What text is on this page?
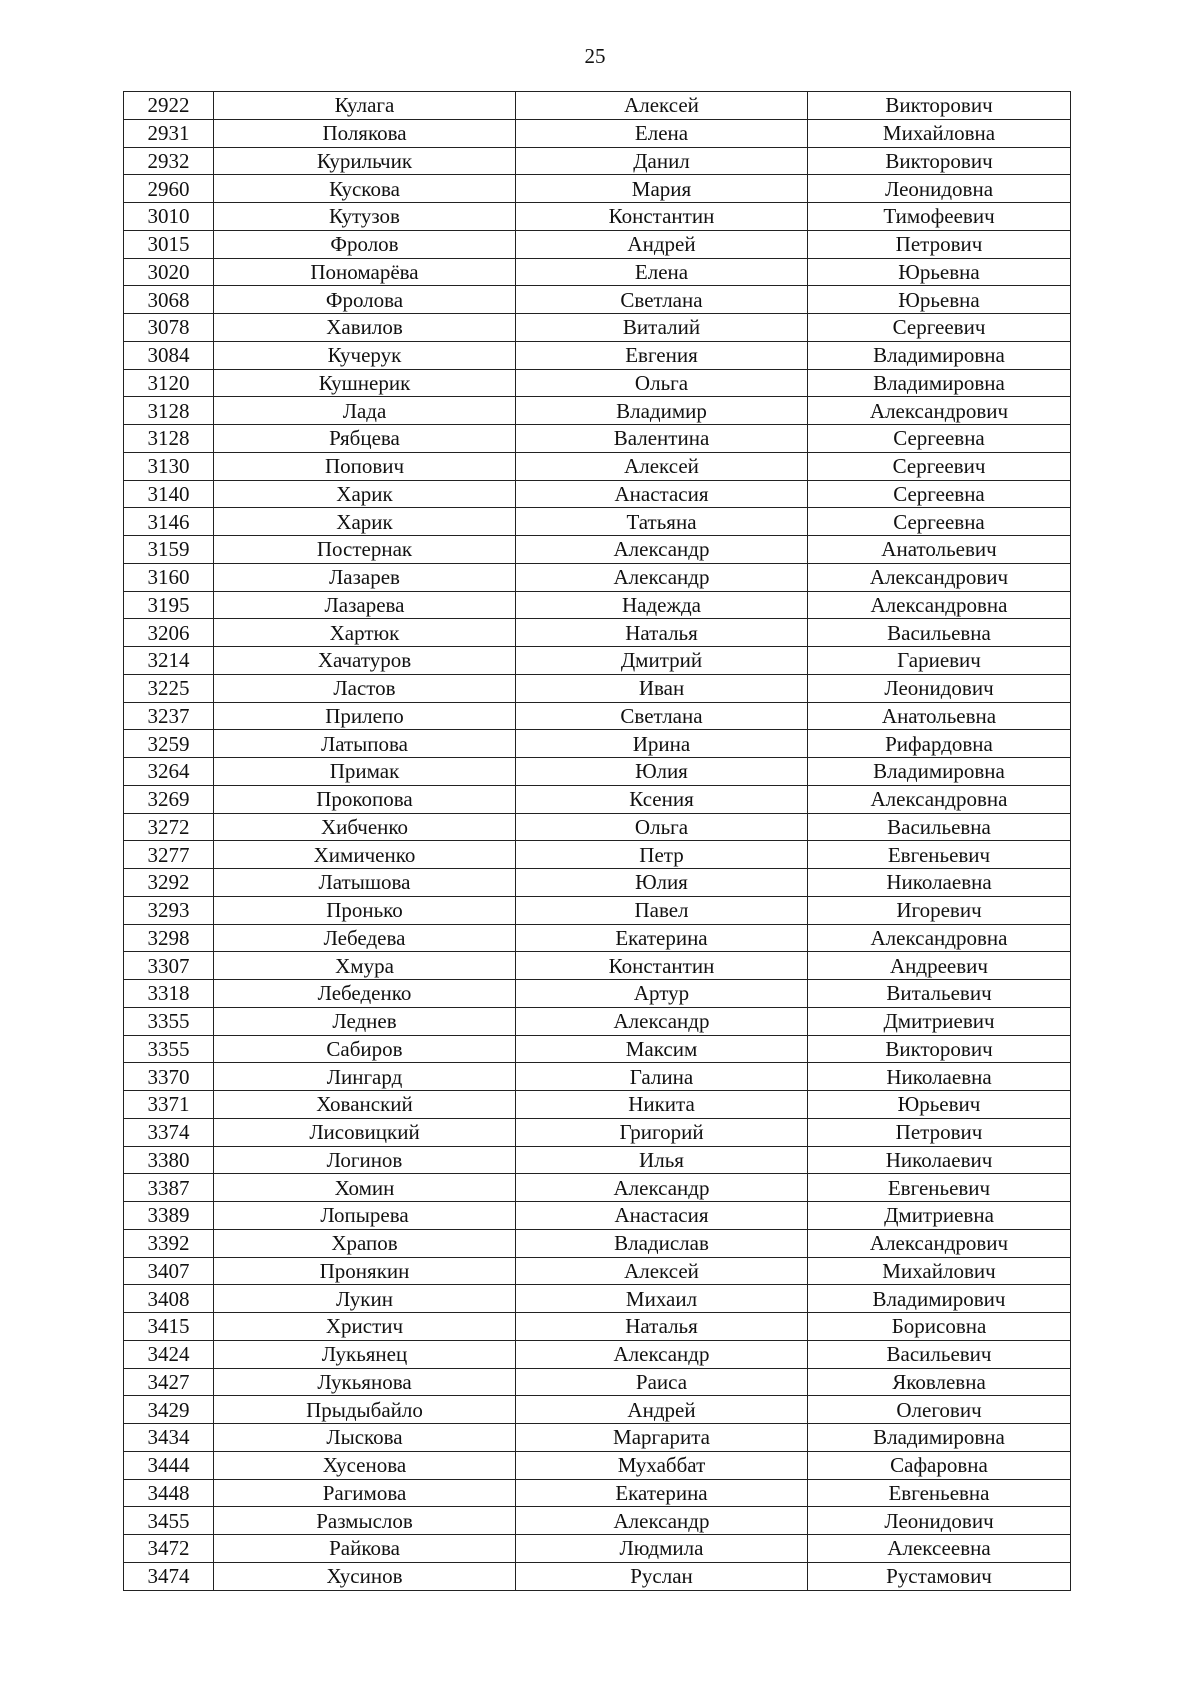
25
2922	Кулага	Алексей	Викторович
2931	Полякова	Елена	Михайловна
2932	Курильчик	Данил	Викторович
2960	Кускова	Мария	Леонидовна
3010	Кутузов	Константин	Тимофеевич
3015	Фролов	Андрей	Петрович
3020	Пономарёва	Елена	Юрьевна
3068	Фролова	Светлана	Юрьевна
3078	Хавилов	Виталий	Сергеевич
3084	Кучерук	Евгения	Владимировна
3120	Кушнерик	Ольга	Владимировна
3128	Лада	Владимир	Александрович
3128	Рябцева	Валентина	Сергеевна
3130	Попович	Алексей	Сергеевич
3140	Харик	Анастасия	Сергеевна
3146	Харик	Татьяна	Сергеевна
3159	Постернак	Александр	Анатольевич
3160	Лазарев	Александр	Александрович
3195	Лазарева	Надежда	Александровна
3206	Хартюк	Наталья	Васильевна
3214	Хачатуров	Дмитрий	Гариевич
3225	Ластов	Иван	Леонидович
3237	Прилепо	Светлана	Анатольевна
3259	Латыпова	Ирина	Рифардовна
3264	Примак	Юлия	Владимировна
3269	Прокопова	Ксения	Александровна
3272	Хибченко	Ольга	Васильевна
3277	Химиченко	Петр	Евгеньевич
3292	Латышова	Юлия	Николаевна
3293	Пронько	Павел	Игоревич
3298	Лебедева	Екатерина	Александровна
3307	Хмура	Константин	Андреевич
3318	Лебеденко	Артур	Витальевич
3355	Леднев	Александр	Дмитриевич
3355	Сабиров	Максим	Викторович
3370	Лингард	Галина	Николаевна
3371	Хованский	Никита	Юрьевич
3374	Лисовицкий	Григорий	Петрович
3380	Логинов	Илья	Николаевич
3387	Хомин	Александр	Евгеньевич
3389	Лопырева	Анастасия	Дмитриевна
3392	Храпов	Владислав	Александрович
3407	Пронякин	Алексей	Михайлович
3408	Лукин	Михаил	Владимирович
3415	Христич	Наталья	Борисовна
3424	Лукьянец	Александр	Васильевич
3427	Лукьянова	Раиса	Яковлевна
3429	Прыдыбайло	Андрей	Олегович
3434	Лыскова	Маргарита	Владимировна
3444	Хусенова	Мухаббат	Сафаровна
3448	Рагимова	Екатерина	Евгеньевна
3455	Размыслов	Александр	Леонидович
3472	Райкова	Людмила	Алексеевна
3474	Хусинов	Руслан	Рустамович
